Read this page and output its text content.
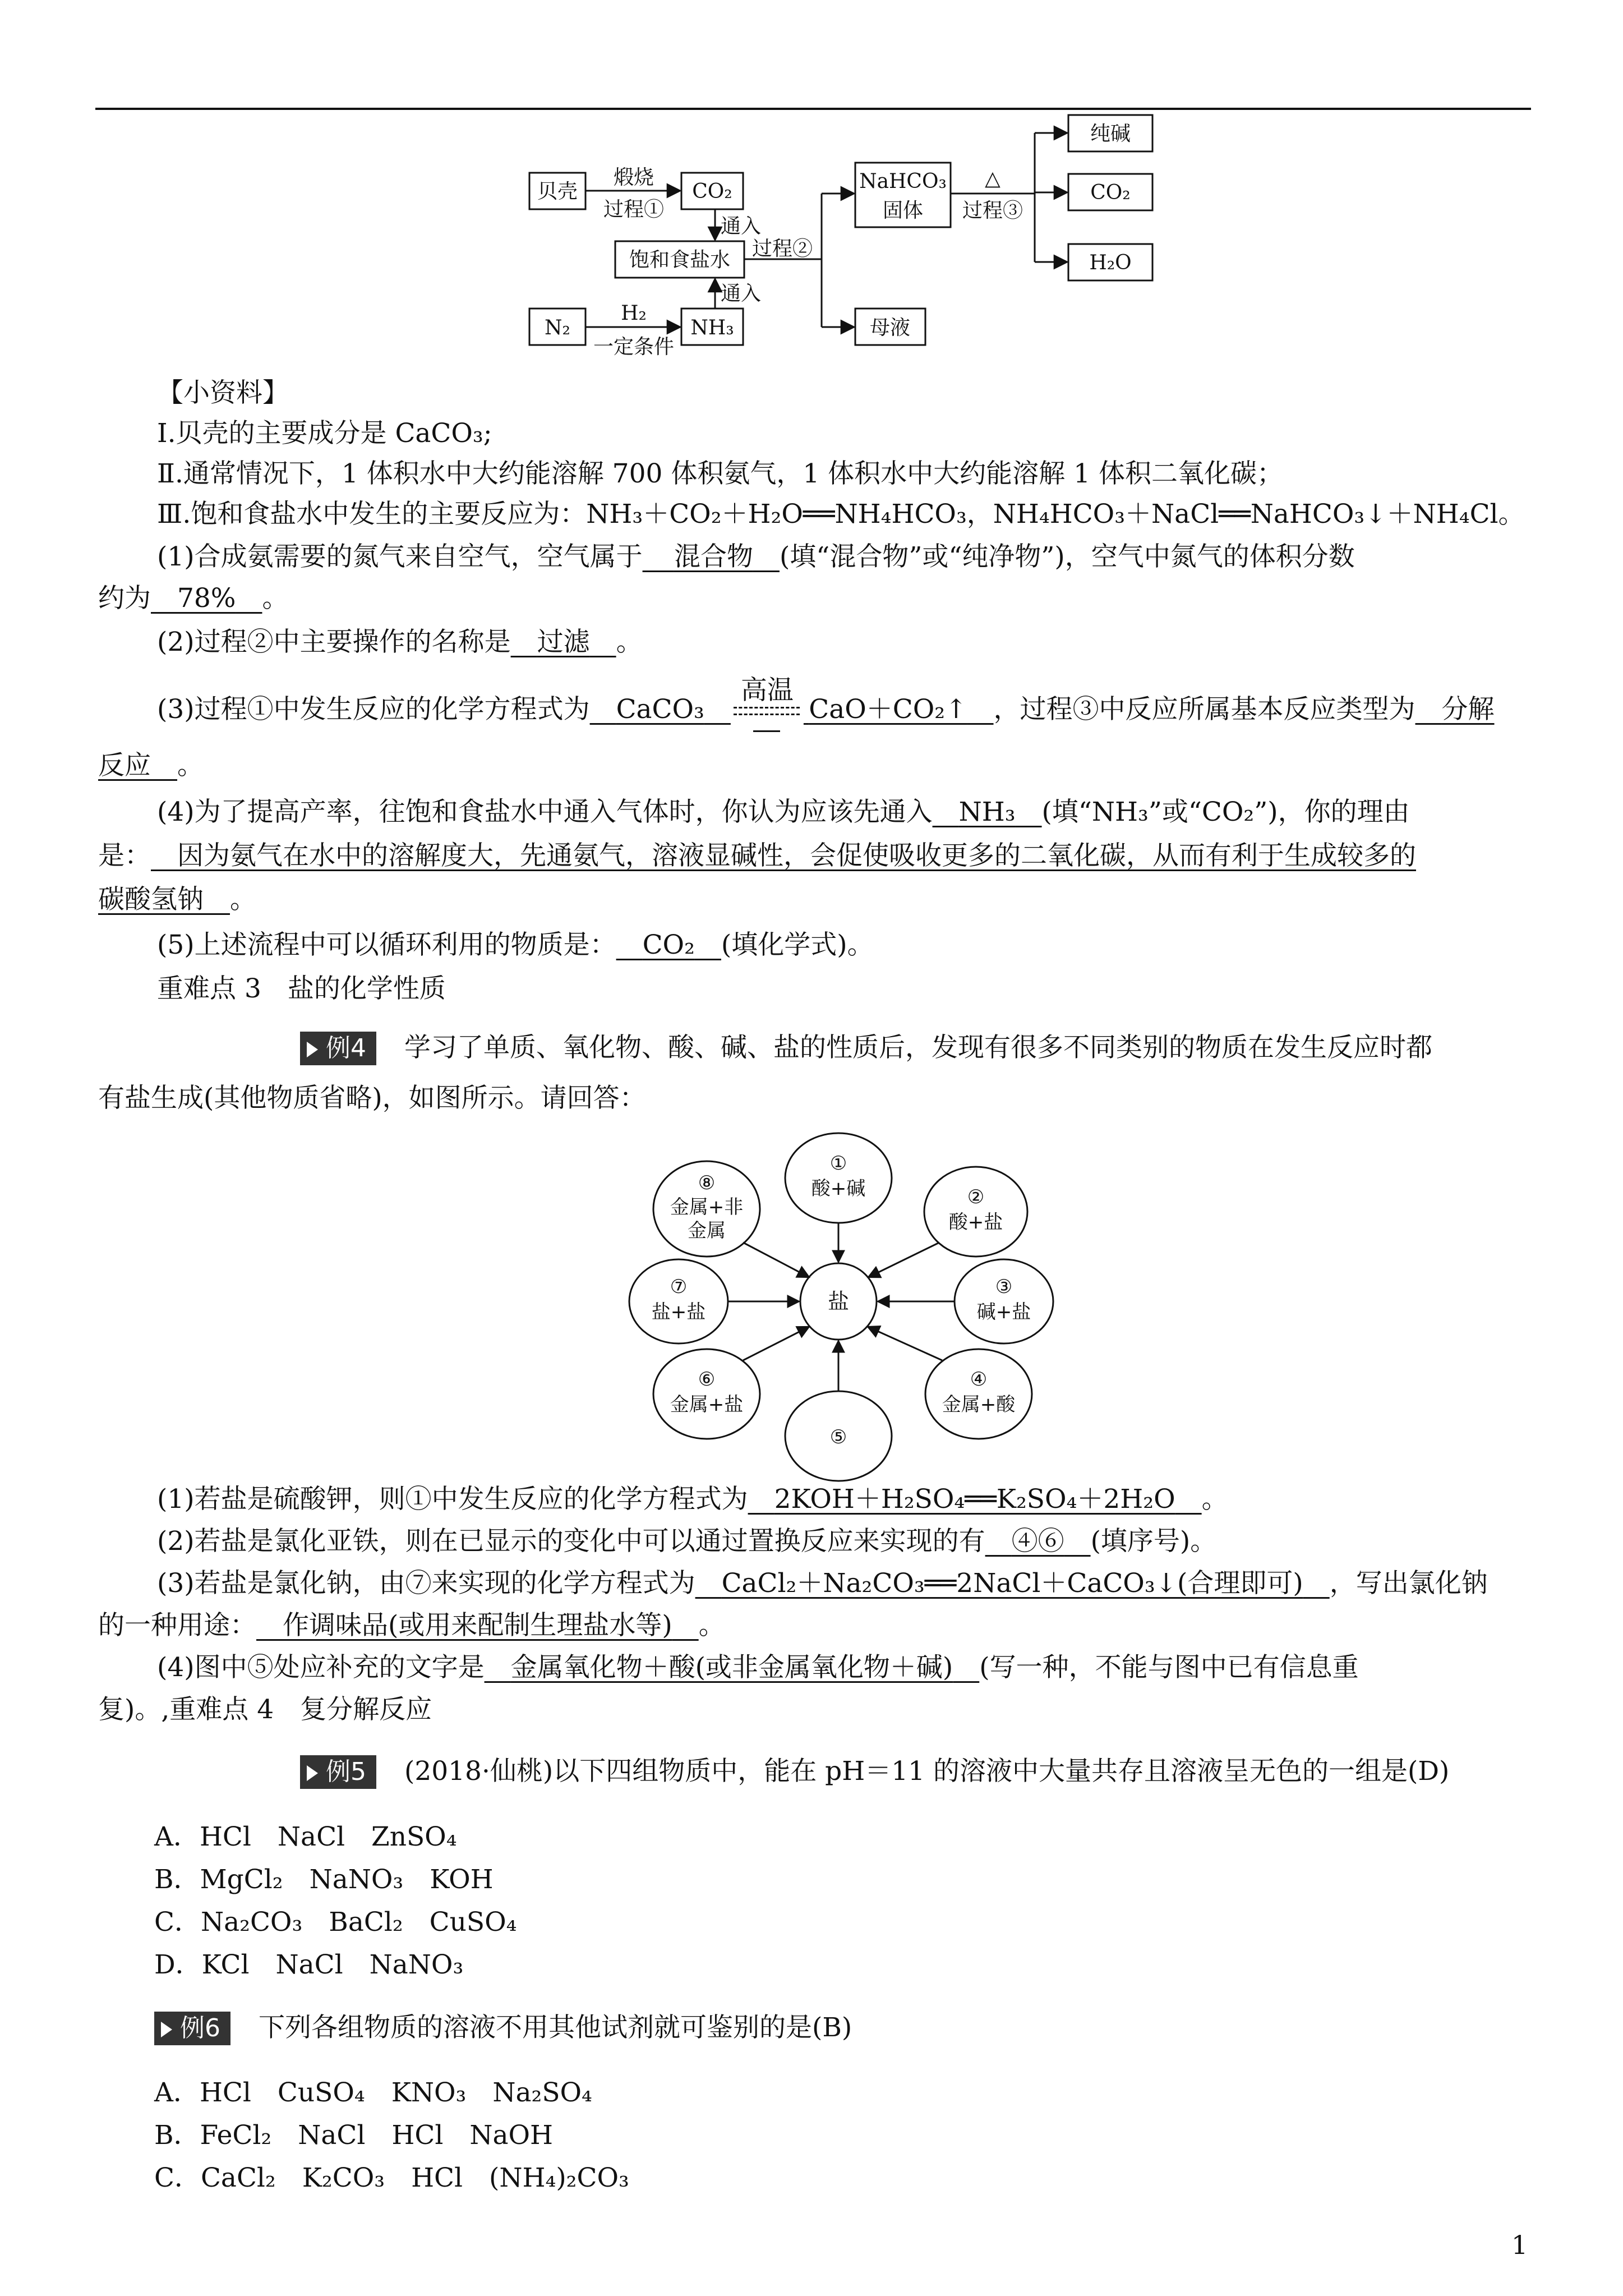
贝壳
煅烧
过程①
CO₂
通入
饱和食盐水
通入
过程②
N₂
H₂
一定条件
NH₃
NaHCO₃
固体
△
过程③
纯碱
CO₂
H₂O
母液
【小资料】
Ⅰ.贝壳的主要成分是 CaCO₃;
Ⅱ.通常情况下，1 体积水中大约能溶解 700 体积氨气，1 体积水中大约能溶解 1 体积二氧化碳；
Ⅲ.饱和食盐水中发生的主要反应为：NH₃＋CO₂＋H₂O══NH₄HCO₃，NH₄HCO₃＋NaCl══NaHCO₃↓＋NH₄Cl。
(1)合成氨需要的氮气来自空气，空气属于   混合物  (填“混合物”或“纯净物”)，空气中氮气的体积分数
约为  78%  。
(2)过程②中主要操作的名称是  过滤  。
(3)过程①中发生反应的化学方程式为  CaCO₃ 
高温
 CaO＋CO₂↑  ，过程③中反应所属基本反应类型为  分解
反应  。
(4)为了提高产率，往饱和食盐水中通入气体时，你认为应该先通入  NH₃  (填“NH₃”或“CO₂”)，你的理由
是：  因为氨气在水中的溶解度大，先通氨气，溶液显碱性，会促使吸收更多的二氧化碳，从而有利于生成较多的
碳酸氢钠  。
(5)上述流程中可以循环利用的物质是：  CO₂  (填化学式)。
重难点 3　盐的化学性质
例4 学习了单质、氧化物、酸、碱、盐的性质后，发现有很多不同类别的物质在发生反应时都
有盐生成(其他物质省略)，如图所示。请回答：
盐
①
酸+碱	②
酸+盐
③
碱+盐
④
金属+酸
⑤
⑥
金属+盐
⑦
盐+盐
⑧
金属+非
金属
(1)若盐是硫酸钾，则①中发生反应的化学方程式为  2KOH＋H₂SO₄══K₂SO₄＋2H₂O  。
(2)若盐是氯化亚铁，则在已显示的变化中可以通过置换反应来实现的有  ④⑥  (填序号)。
(3)若盐是氯化钠，由⑦来实现的化学方程式为  CaCl₂＋Na₂CO₃══2NaCl＋CaCO₃↓(合理即可)  ，写出氯化钠
的一种用途：  作调味品(或用来配制生理盐水等)  。
(4)图中⑤处应补充的文字是  金属氧化物＋酸(或非金属氧化物＋碱)  (写一种，不能与图中已有信息重
复)。,重难点 4　复分解反应
例5 (2018·仙桃)以下四组物质中，能在 pH＝11 的溶液中大量共存且溶液呈无色的一组是(D)
A．HCl　NaCl　ZnSO₄
B．MgCl₂　NaNO₃　KOH
C．Na₂CO₃　BaCl₂　CuSO₄
D．KCl　NaCl　NaNO₃
例6 下列各组物质的溶液不用其他试剂就可鉴别的是(B)
A．HCl　CuSO₄　KNO₃　Na₂SO₄
B．FeCl₂　NaCl　HCl　NaOH
C．CaCl₂　K₂CO₃　HCl　(NH₄)₂CO₃
1
